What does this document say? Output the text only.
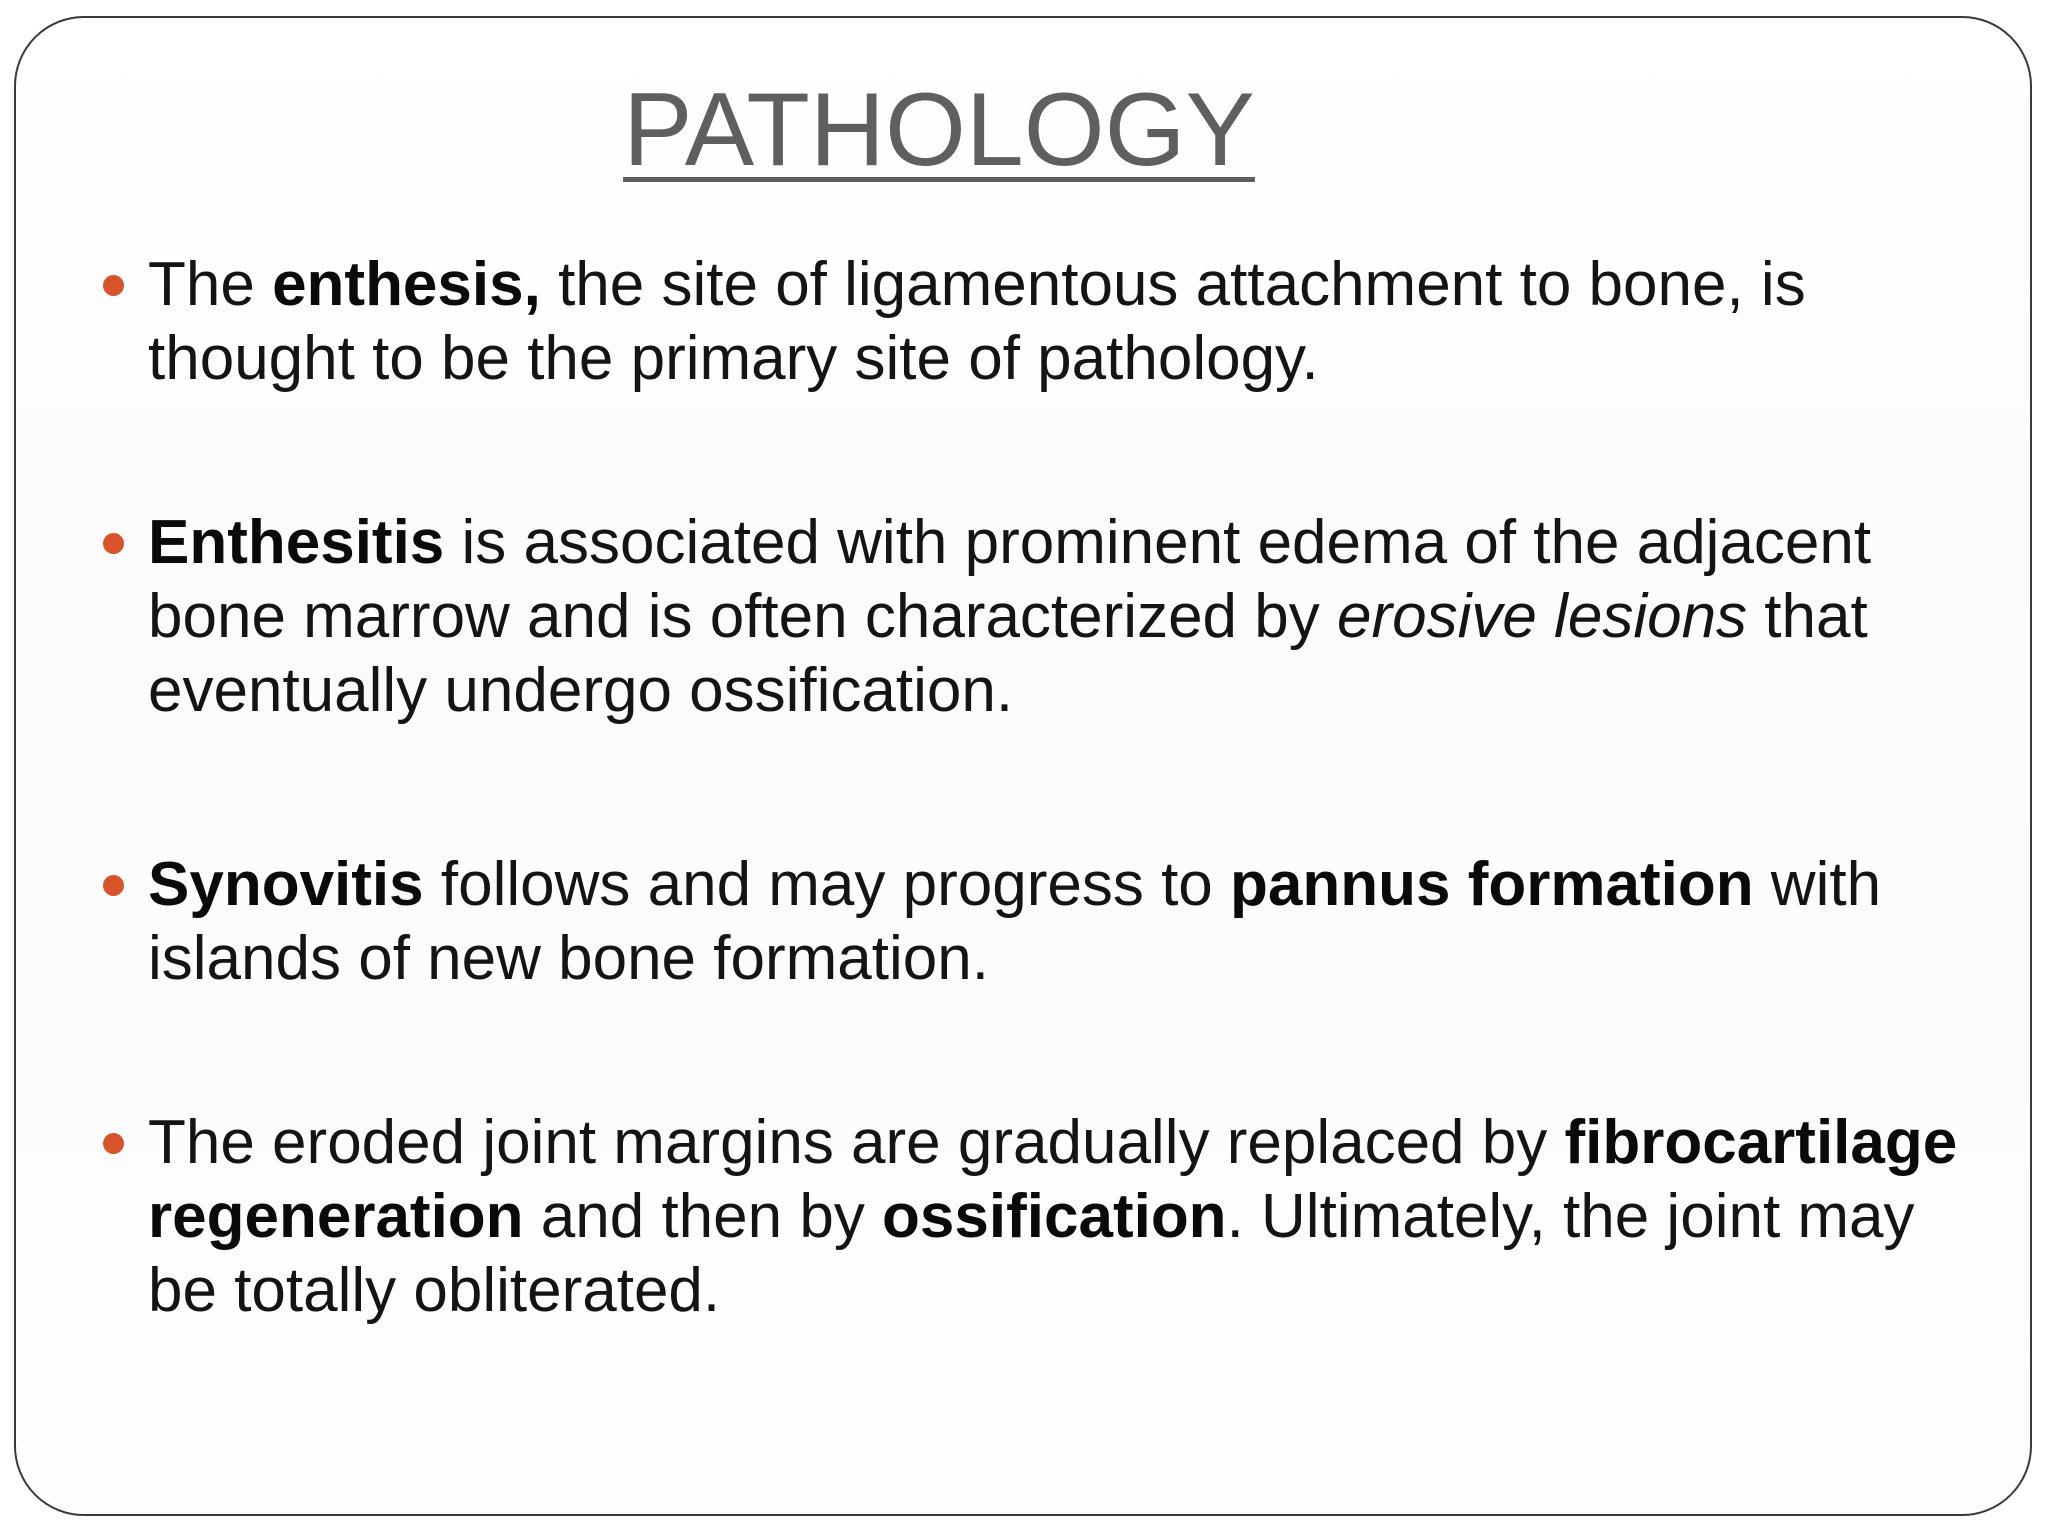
PATHOLOGY
The enthesis, the site of ligamentous attachment to bone, is thought to be the primary site of pathology.
Enthesitis is associated with prominent edema of the adjacent bone marrow and is often characterized by erosive lesions that eventually undergo ossification.
Synovitis follows and may progress to pannus formation with islands of new bone formation.
The eroded joint margins are gradually replaced by fibrocartilage regeneration and then by ossification. Ultimately, the joint may be totally obliterated.
